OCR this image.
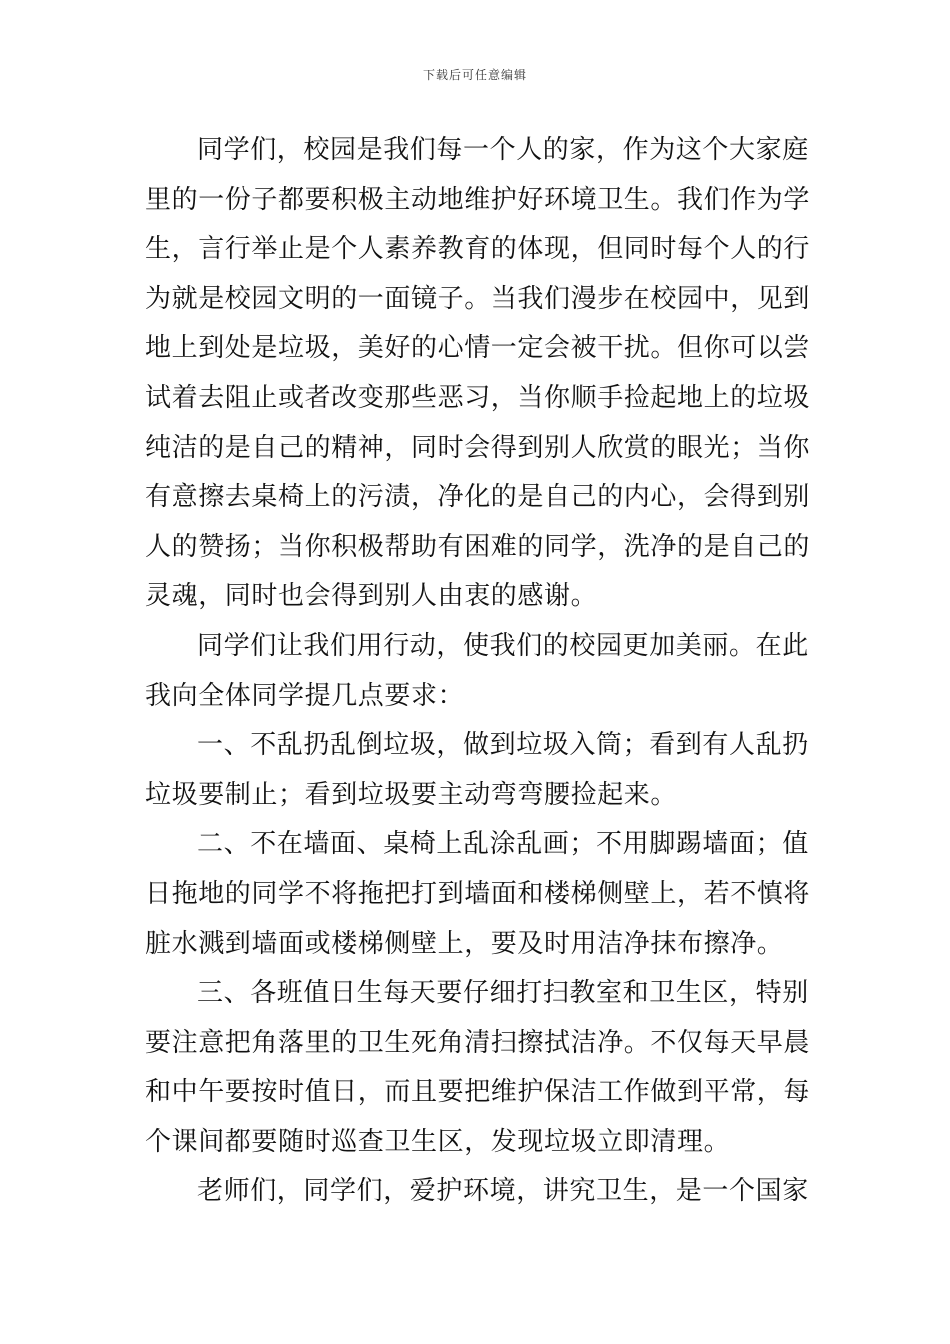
下载后可任意编辑

同学们，校园是我们每一个人的家，作为这个大家庭
里的一份子都要积极主动地维护好环境卫生。我们作为学
生，言行举止是个人素养教育的体现，但同时每个人的行
为就是校园文明的一面镜子。当我们漫步在校园中，见到
地上到处是垃圾，美好的心情一定会被干扰。但你可以尝
试着去阻止或者改变那些恶习，当你顺手捡起地上的垃圾
纯洁的是自己的精神，同时会得到别人欣赏的眼光；当你
有意擦去桌椅上的污渍，净化的是自己的内心，会得到别
人的赞扬；当你积极帮助有困难的同学，洗净的是自己的
灵魂，同时也会得到别人由衷的感谢。

同学们让我们用行动，使我们的校园更加美丽。在此
我向全体同学提几点要求：

一、不乱扔乱倒垃圾，做到垃圾入筒；看到有人乱扔
垃圾要制止；看到垃圾要主动弯弯腰捡起来。

二、不在墙面、桌椅上乱涂乱画；不用脚踢墙面；值
日拖地的同学不将拖把打到墙面和楼梯侧壁上，若不慎将
脏水溅到墙面或楼梯侧壁上，要及时用洁净抹布擦净。

三、各班值日生每天要仔细打扫教室和卫生区，特别
要注意把角落里的卫生死角清扫擦拭洁净。不仅每天早晨
和中午要按时值日，而且要把维护保洁工作做到平常，每
个课间都要随时巡查卫生区，发现垃圾立即清理。

老师们，同学们，爱护环境，讲究卫生，是一个国家
